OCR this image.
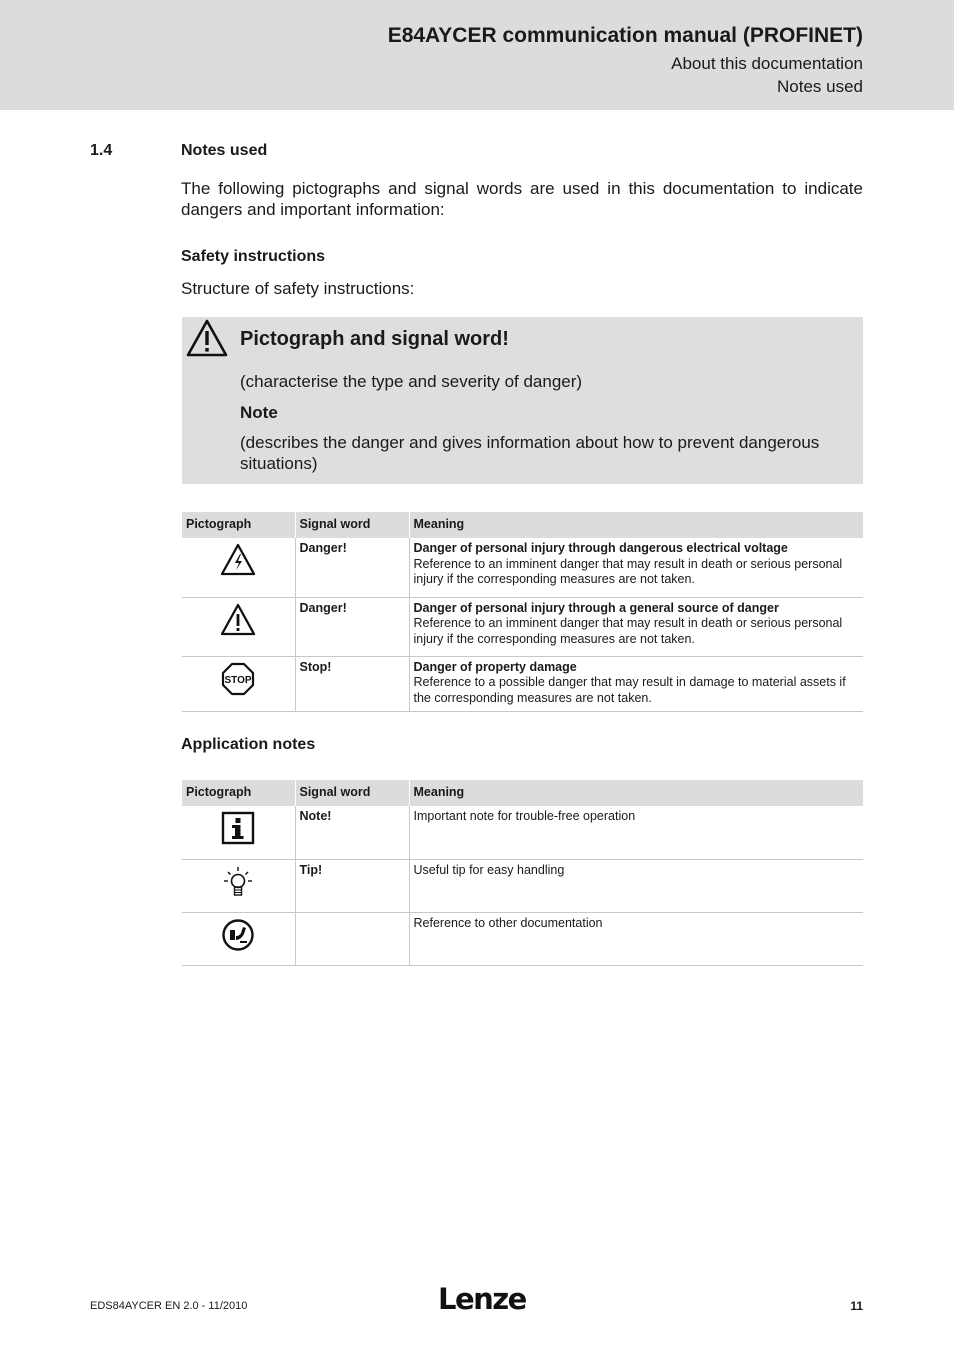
E84AYCER communication manual (PROFINET)
About this documentation
Notes used
1.4	Notes used
The following pictographs and signal words are used in this documentation to indicate dangers and important information:
Safety instructions
Structure of safety instructions:
Pictograph and signal word!
(characterise the type and severity of danger)
Note
(describes the danger and gives information about how to prevent dangerous situations)
Pictograph	Signal word	Meaning
	Danger!	Danger of personal injury through dangerous electrical voltage
Reference to an imminent danger that may result in death or serious personal injury if the corresponding measures are not taken.

	Danger!	Danger of personal injury through a general source of danger
Reference to an imminent danger that may result in death or serious personal injury if the corresponding measures are not taken.

STOP	Stop!	Danger of property damage
Reference to a possible danger that may result in damage to material assets if the corresponding measures are not taken.
Application notes
Pictograph	Signal word	Meaning
	Note!	Important note for trouble-free operation
	Tip!	Useful tip for easy handling
		Reference to other documentation
EDS84AYCER EN 2.0 - 11/2010	Lenze	11
